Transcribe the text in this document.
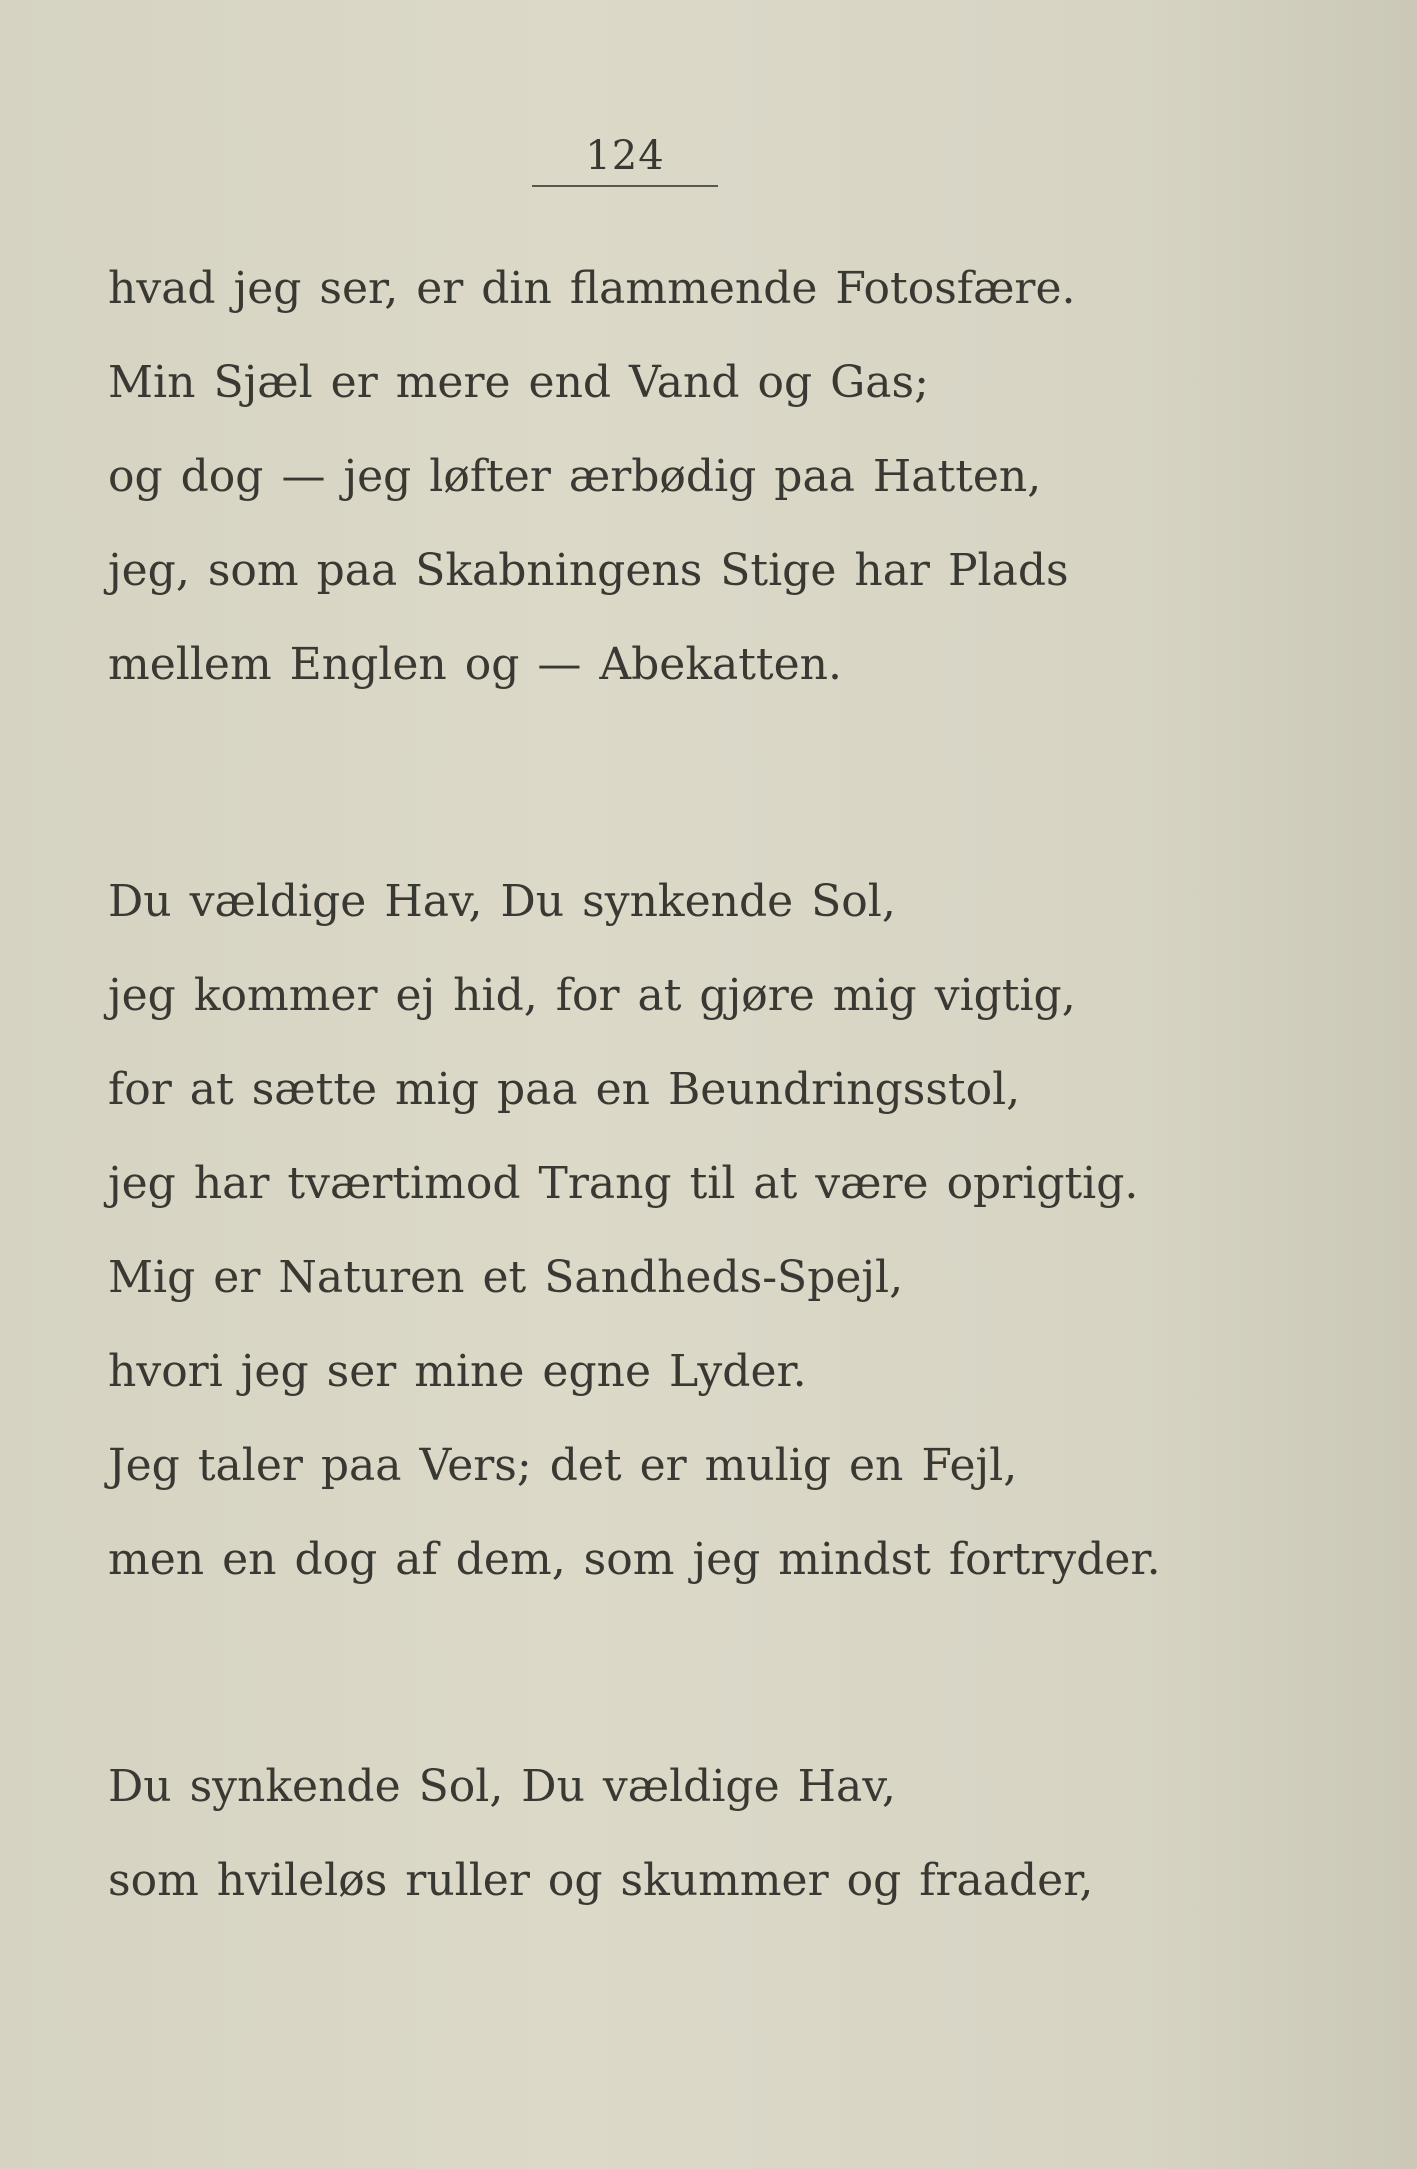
124
hvad jeg ser, er din flammende Fotosfære.
Min Sjæl er mere end Vand og Gas;
og dog — jeg løfter ærbødig paa Hatten,
jeg, som paa Skabningens Stige har Plads
mellem Englen og — Abekatten.
Du vældige Hav, Du synkende Sol,
jeg kommer ej hid, for at gjøre mig vigtig,
for at sætte mig paa en Beundringsstol,
jeg har tværtimod Trang til at være oprigtig.
Mig er Naturen et Sandheds-Spejl,
hvori jeg ser mine egne Lyder.
Jeg taler paa Vers; det er mulig en Fejl,
men en dog af dem, som jeg mindst fortryder.
Du synkende Sol, Du vældige Hav,
som hvileløs ruller og skummer og fraader,
